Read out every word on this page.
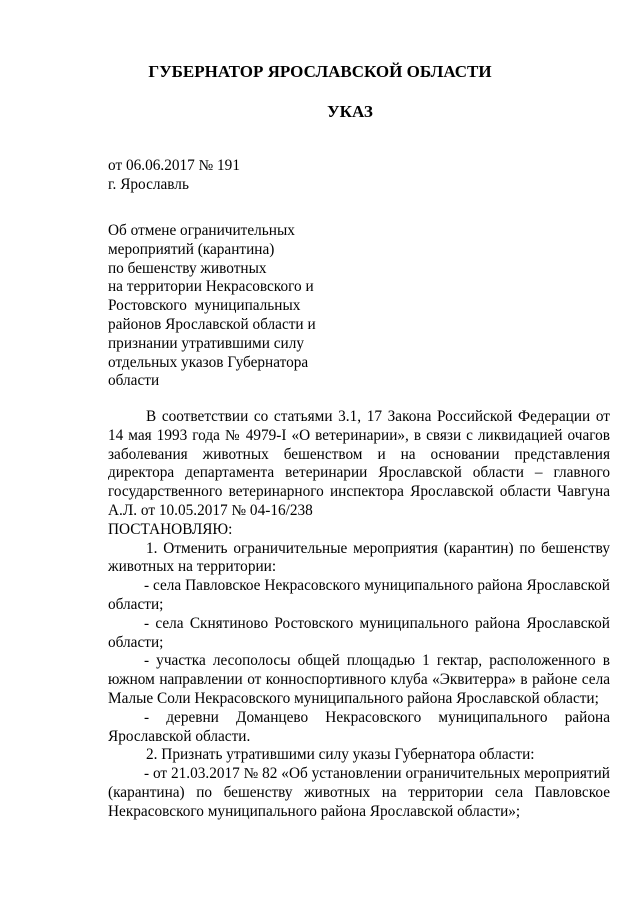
ГУБЕРНАТОР ЯРОСЛАВСКОЙ ОБЛАСТИ
УКАЗ
от 06.06.2017 № 191
г. Ярославль
Об отмене ограничительных
мероприятий (карантина)
по бешенству животных
на территории Некрасовского и
Ростовского  муниципальных
районов Ярославской области и
признании утратившими силу
отдельных указов Губернатора
области

В соответствии со статьями 3.1, 17 Закона Российской Федерации от 14 мая 1993 года № 4979-I «О ветеринарии», в связи с ликвидацией очагов заболевания животных бешенством и на основании представления директора департамента ветеринарии Ярославской области – главного государственного ветеринарного инспектора Ярославской области Чавгуна А.Л. от 10.05.2017 № 04-16/238

ПОСТАНОВЛЯЮ:

1. Отменить ограничительные мероприятия (карантин) по бешенству животных на территории:

- села Павловское Некрасовского муниципального района Ярославской области;

- села Скнятиново Ростовского муниципального района Ярославской области;

- участка лесополосы общей площадью 1 гектар, расположенного в южном направлении от конноспортивного клуба «Эквитерра» в районе села Малые Соли Некрасовского муниципального района Ярославской области;

- деревни Доманцево Некрасовского муниципального района Ярославской области.

2. Признать утратившими силу указы Губернатора области:

- от 21.03.2017 № 82 «Об установлении ограничительных мероприятий (карантина) по бешенству животных на территории села Павловское Некрасовского муниципального района Ярославской области»;
